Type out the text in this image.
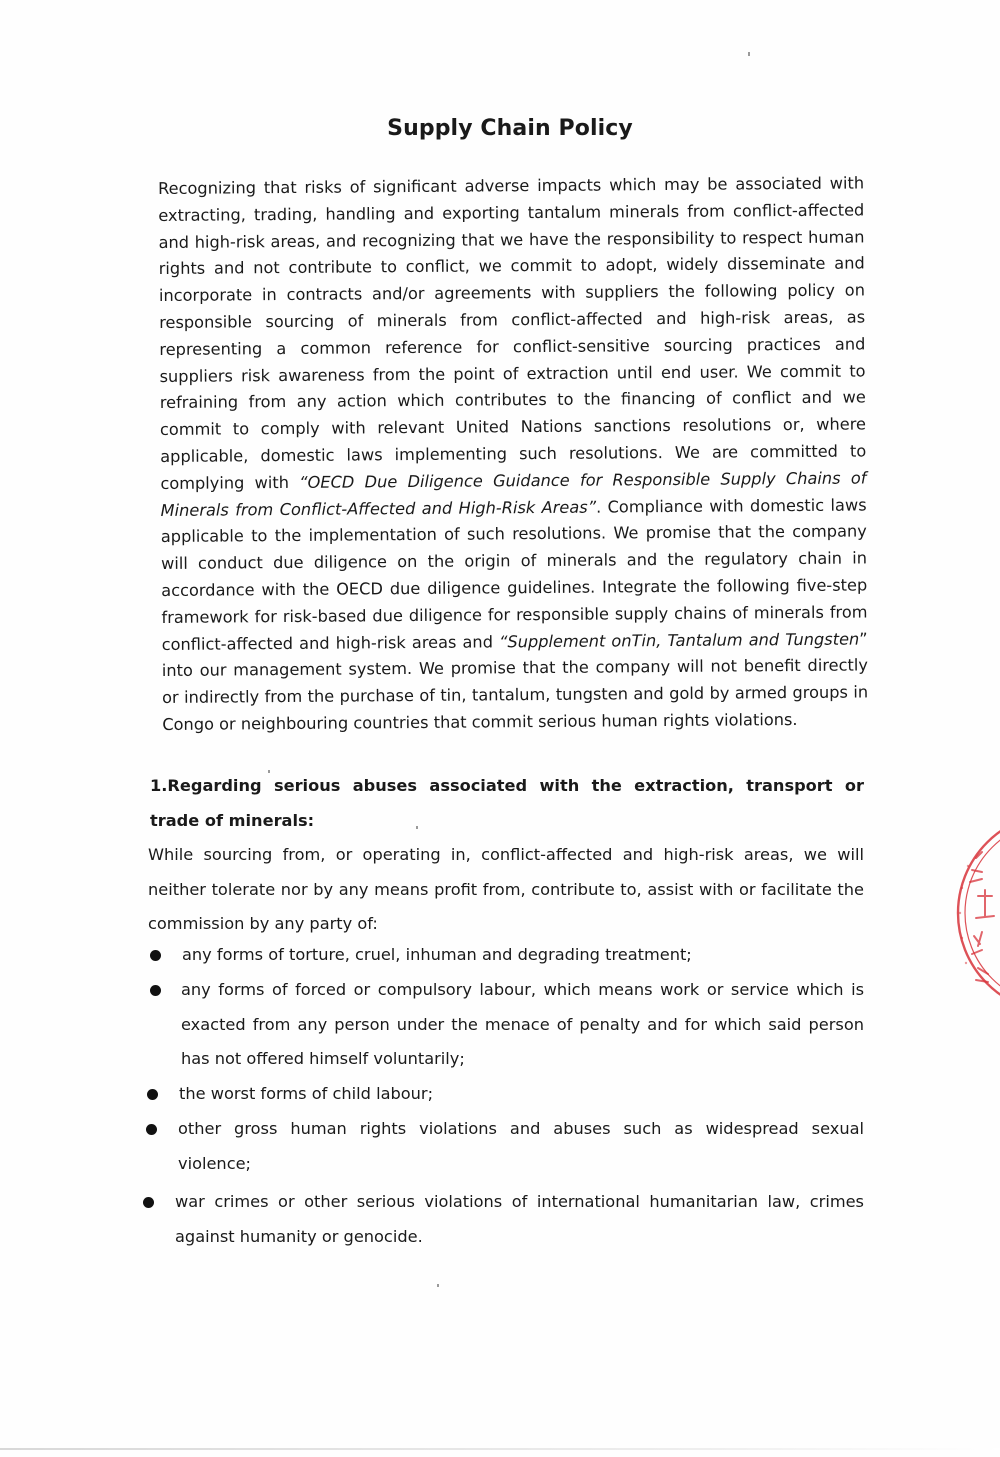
Supply Chain Policy

Recognizing that risks of significant adverse impacts which may be associated with extracting, trading, handling and exporting tantalum minerals from conflict-affected and high-risk areas, and recognizing that we have the responsibility to respect human rights and not contribute to conflict, we commit to adopt, widely disseminate and incorporate in contracts and/or agreements with suppliers the following policy on responsible sourcing of minerals from conflict-affected and high-risk areas, as representing a common reference for conflict-sensitive sourcing practices and suppliers risk awareness from the point of extraction until end user. We commit to refraining from any action which contributes to the financing of conflict and we commit to comply with relevant United Nations sanctions resolutions or, where applicable, domestic laws implementing such resolutions. We are committed to complying with “OECD Due Diligence Guidance for Responsible Supply Chains of Minerals from Conflict-Affected and High-Risk Areas”. Compliance with domestic laws applicable to the implementation of such resolutions. We promise that the company will conduct due diligence on the origin of minerals and the regulatory chain in accordance with the OECD due diligence guidelines. Integrate the following five-step framework for risk-based due diligence for responsible supply chains of minerals from conflict-affected and high-risk areas and “Supplement onTin, Tantalum and Tungsten” into our management system. We promise that the company will not benefit directly or indirectly from the purchase of tin, tantalum, tungsten and gold by armed groups in Congo or neighbouring countries that commit serious human rights violations.

1.Regarding serious abuses associated with the extraction, transport or trade of minerals:
While sourcing from, or operating in, conflict-affected and high-risk areas, we will neither tolerate nor by any means profit from, contribute to, assist with or facilitate the commission by any party of:
any forms of torture, cruel, inhuman and degrading treatment;
any forms of forced or compulsory labour, which means work or service which is exacted from any person under the menace of penalty and for which said person has not offered himself voluntarily;
the worst forms of child labour;
other gross human rights violations and abuses such as widespread sexual violence;
war crimes or other serious violations of international humanitarian law, crimes against humanity or genocide.
